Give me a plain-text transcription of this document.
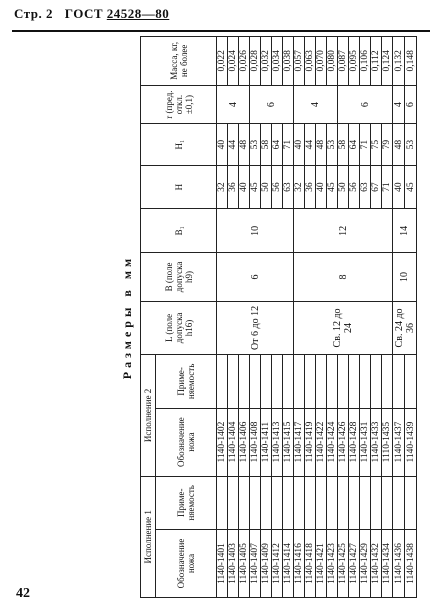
Стр. 2 ГОСТ 24528—80
42
Размеры в мм
Исполнение 1		Исполнение 2		L (поле допуска h16)	B (поле допуска h9)	B₁	H	H₁	r (пред. откл. ±0,1)	Масса, кг, не более
Обозначение ножа	Приме- няемость	Обозначение ножа	Приме- няемость							
1140-1401		1140-1402		От 6 до 12	6	10	32	40	4	0,022
1140-1403		1140-1404					36	44		0,024
1140-1405		1140-1406					40	48		0,026
1140-1407		1140-1408					45	53	6	0,028
1140-1409		1140-1411					50	58		0,032
1140-1412		1140-1413					56	64		0,034
1140-1414		1140-1415					63	71		0,038
1140-1416		1140-1417		Св. 12 до 24	8	12	32	40	4	0,057
1140-1418		1140-1419					36	44		0,063
1140-1421		1140-1422					40	48		0,070
1140-1423		1140-1424					45	53		0,080
1140-1425		1140-1426					50	58	6	0,087
1140-1427		1140-1428					56	64		0,095
1140-1429		1140-1431					63	71		0,106
1140-1432		1140-1433					67	75		0,112
1140-1434		1110-1435					71	79		0,124
1140-1436		1140-1437		Св. 24 до 36	10	14	40	48	4	0,132
1140-1438		1140-1439					45	53	6	0,148
